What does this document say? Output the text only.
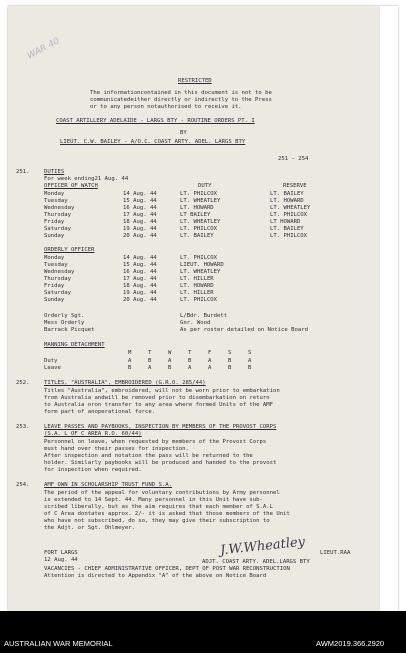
WAR 40
RESTRICTED
The informationcontained in this document is not to be
communicatedeither directly or indirectly to the Press
or to any person notauthorised to receive it.
COAST ARTILLERY ADELAIDE - LARGS BTY - ROUTINE ORDERS PT. I
BY
LIEUT. C.W. BAILEY - A/O.C. COAST ARTY. ADEL. LARGS BTY
251 - 254
251.	DUTIES
For week ending21 Aug. 44
OFFICER OF WATCH	DUTY	RESERVE
Monday	14 Aug. 44	LT. PHILCOX	LT. BAILEY
Tuesday	15 Aug. 44	LT. WHEATLEY	LT. HOWARD
Wednesday	16 Aug. 44	LT. HOWARD	LT. WHEATLEY
Thursday	17 Aug. 44	LT BAILEY	LT. PHILCOX
Friday	18 Aug. 44	LT. WHEATLEY	LT HOWARD
Saturday	19 Aug. 44	LT. PHILCOX	LT. BAILEY
Sunday	20 Aug. 44	LT. BAILEY	LT. PHILCOX
ORDERLY OFFICER
Monday	14 Aug. 44	LT. PHILCOX
Tuesday	15 Aug. 44	LIEUT. HOWARD
Wednesday	16 Aug. 44	LT. WHEATLEY
Thursday	17 Aug. 44	LT. HILLER
Friday	18 Aug. 44	LT. HOWARD
Saturday	19 Aug. 44	LT. HILLER
Sunday	20 Aug. 44	LT. PHILCOX
Orderly Sgt.	L/Bdr. Burdett
Mess Orderly	Gnr. Wood
Barrack Picquet	As per roster detailed on Notice Board
MANNING DETACHMENT
M	T	W	T	F	S	S
Duty	A	B	A	B	A	B	A
Leave	B	A	B	A	A	B	B
252.	TITLES, "AUSTRALIA", EMBROIDERED (G.R.O. 285/44)
Titles "Australia", embroidered, will not be worn prior to embarkation
from Australia andwill be removed prior to disembarkation on return
to Australia oron transfer to any area where formed Units of the AMF
form part of anoperational force.
253.	LEAVE PASSES AND PAYBOOKS, INSPECTION BY MEMBERS OF THE PROVOST CORPS
(S.A. L OF C AREA R.O. 60/44)
Personnel on leave, when requested by members of the Provost Corps
must hand over their passes for inspection.
After inspection and notation the pass will be returned to the
holder. Similarly paybooks will be produced and handed to the provost
for inspection when required.
254.	AMF OWN IN SCHOLARSHIP TRUST FUND S.A.
The period of the appeal for voluntary contributions by Army personnel
is extended to 14 Sept. 44. Many personnel in this Unit have sub-
scribed liberally, but as the aim requires that each member of S.A.L
of C Area dontates approx. 2/- it is asked that those members of the Unit
who have not subscribed, do so, they may give their subscription to
the Adjt. or Sgt. Ohlmeyer.
J.W.Wheatley
FORT LARGS
12 Aug. 44
LIEUT.RAA
ADJT. COAST ARTY. ADEL.LARGS BTY
VACANCIES - CHIEF ADMINISTRATIVE OFFICER, DEPT OF POST WAR RECONSTRUCTION
Attention is directed to Appendix "A" of the above on Notice Board
AUSTRALIAN WAR MEMORIAL	AWM2019.366.2920
